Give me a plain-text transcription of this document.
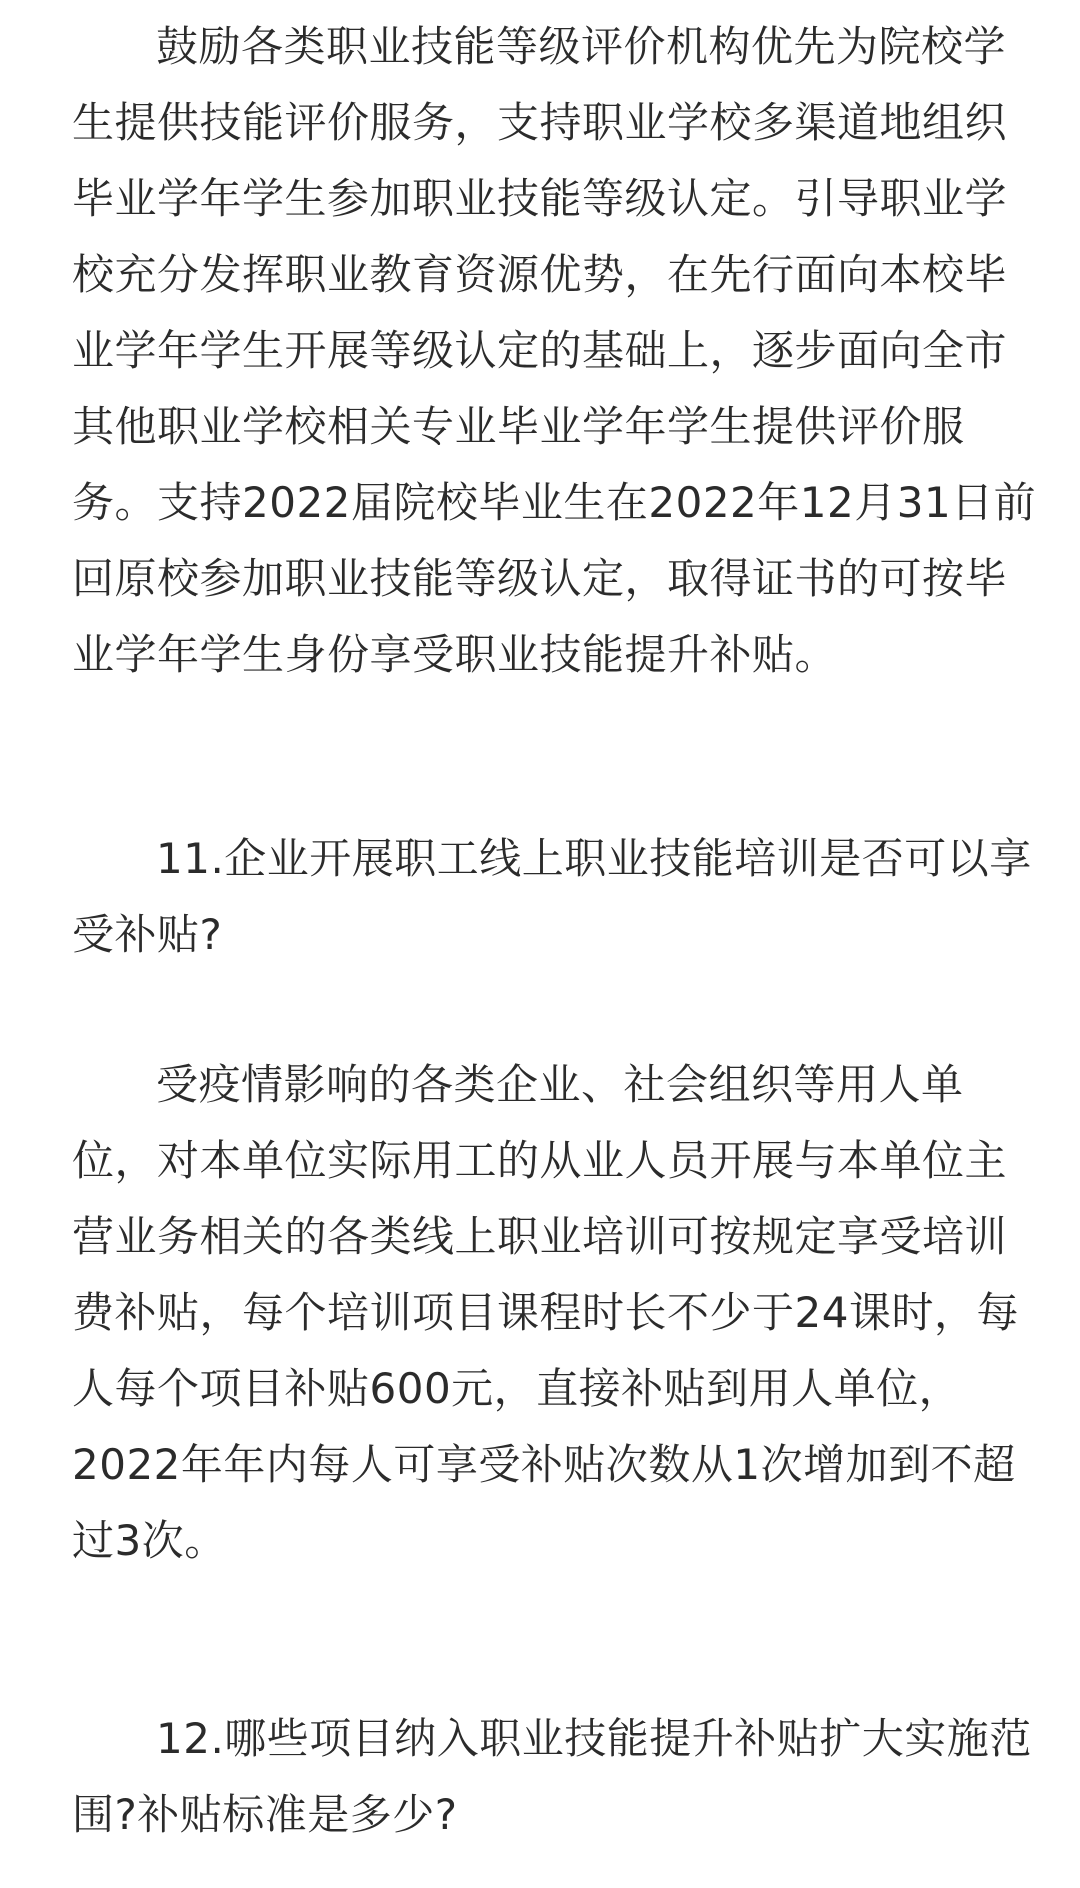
鼓励各类职业技能等级评价机构优先为院校学
生提供技能评价服务，支持职业学校多渠道地组织
毕业学年学生参加职业技能等级认定。引导职业学
校充分发挥职业教育资源优势，在先行面向本校毕
业学年学生开展等级认定的基础上，逐步面向全市
其他职业学校相关专业毕业学年学生提供评价服
务。支持2022届院校毕业生在2022年12月31日前
回原校参加职业技能等级认定，取得证书的可按毕
业学年学生身份享受职业技能提升补贴。
11.企业开展职工线上职业技能培训是否可以享
受补贴?
受疫情影响的各类企业、社会组织等用人单
位，对本单位实际用工的从业人员开展与本单位主
营业务相关的各类线上职业培训可按规定享受培训
费补贴，每个培训项目课程时长不少于24课时，每
人每个项目补贴600元，直接补贴到用人单位，
2022年年内每人可享受补贴次数从1次增加到不超
过3次。
12.哪些项目纳入职业技能提升补贴扩大实施范
围?补贴标准是多少?
